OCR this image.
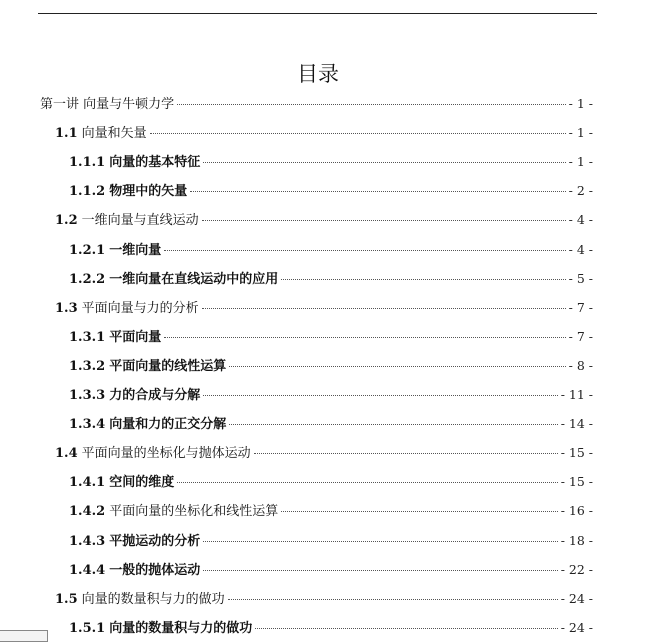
目录
第一讲 向量与牛顿力学	- 1 -
1.1 向量和矢量	- 1 -
1.1.1 向量的基本特征	- 1 -
1.1.2 物理中的矢量	- 2 -
1.2 一维向量与直线运动	- 4 -
1.2.1 一维向量	- 4 -
1.2.2 一维向量在直线运动中的应用	- 5 -
1.3 平面向量与力的分析	- 7 -
1.3.1 平面向量	- 7 -
1.3.2 平面向量的线性运算	- 8 -
1.3.3 力的合成与分解	- 11 -
1.3.4 向量和力的正交分解	- 14 -
1.4 平面向量的坐标化与抛体运动	- 15 -
1.4.1 空间的维度	- 15 -
1.4.2 平面向量的坐标化和线性运算	- 16 -
1.4.3 平抛运动的分析	- 18 -
1.4.4 一般的抛体运动	- 22 -
1.5 向量的数量积与力的做功	- 24 -
1.5.1 向量的数量积与力的做功	- 24 -
